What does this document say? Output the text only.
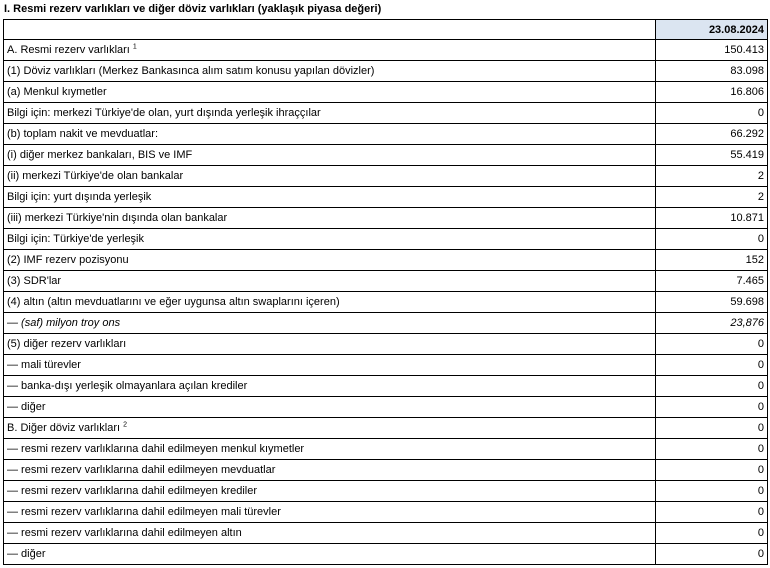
I. Resmi rezerv varlıkları ve diğer döviz varlıkları (yaklaşık piyasa değeri)
	23.08.2024
A. Resmi rezerv varlıkları $^1$	150.413
(1) Döviz varlıkları (Merkez Bankasınca alım satım konusu yapılan dövizler)	83.098
(a) Menkul kıymetler	16.806
Bilgi için: merkezi Türkiye'de olan, yurt dışında yerleşik ihraççılar	0
(b) toplam nakit ve mevduatlar:	66.292
(i) diğer merkez bankaları, BIS ve IMF	55.419
(ii) merkezi Türkiye'de olan bankalar	2
Bilgi için: yurt dışında yerleşik	2
(iii) merkezi Türkiye'nin dışında olan bankalar	10.871
Bilgi için: Türkiye'de yerleşik	0
(2) IMF rezerv pozisyonu	152
(3) SDR'lar	7.465
(4) altın (altın mevduatlarını ve eğer uygunsa altın swaplarını içeren)	59.698
— (saf) milyon troy ons	23,876
(5) diğer rezerv varlıkları	0
— mali türevler	0
— banka-dışı yerleşik olmayanlara açılan krediler	0
— diğer	0
B. Diğer döviz varlıkları $^2$	0
— resmi rezerv varlıklarına dahil edilmeyen menkul kıymetler	0
— resmi rezerv varlıklarına dahil edilmeyen mevduatlar	0
— resmi rezerv varlıklarına dahil edilmeyen krediler	0
— resmi rezerv varlıklarına dahil edilmeyen mali türevler	0
— resmi rezerv varlıklarına dahil edilmeyen altın	0
— diğer	0
